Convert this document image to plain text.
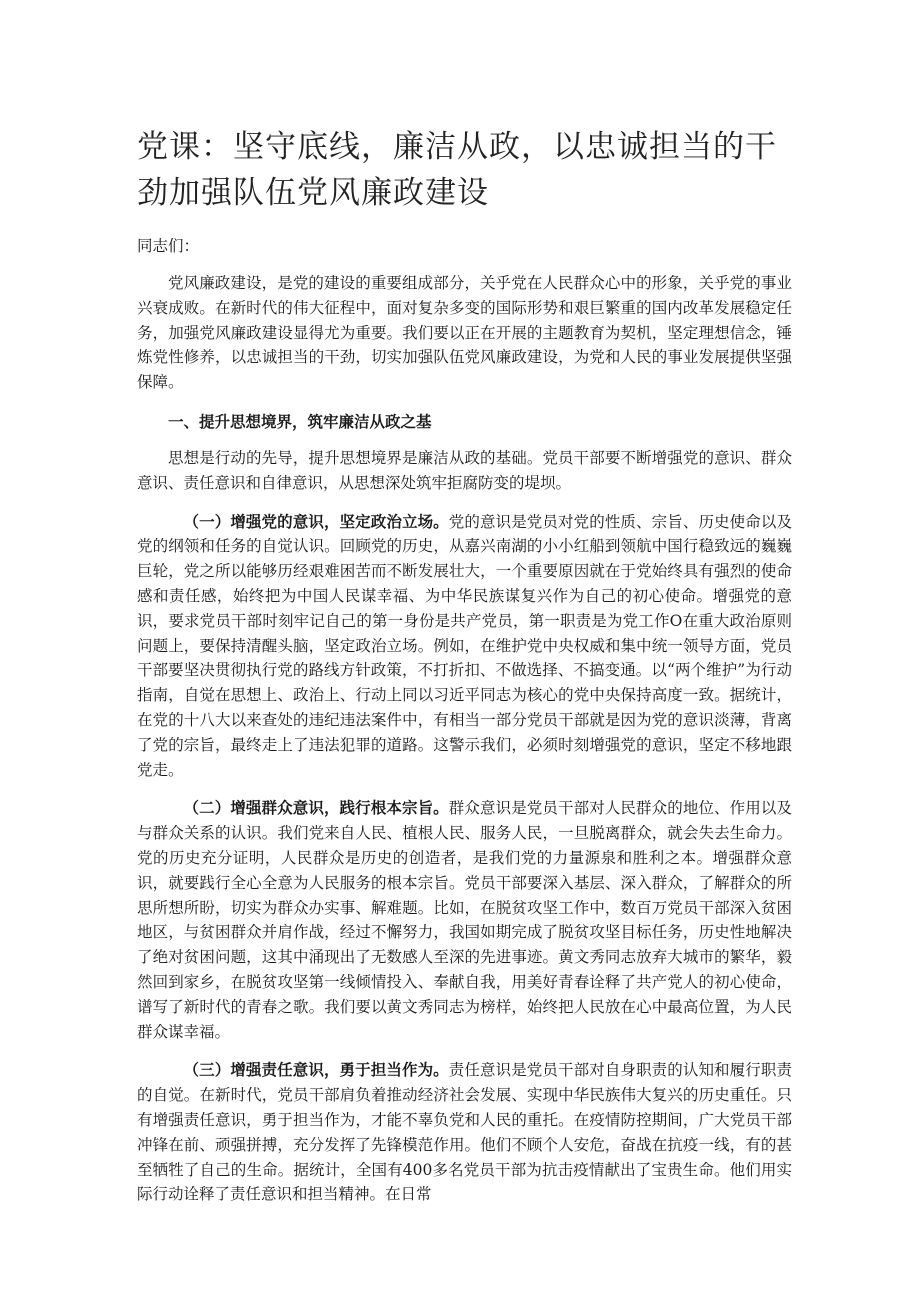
党课：坚守底线，廉洁从政，以忠诚担当的干劲加强队伍党风廉政建设
同志们：

党风廉政建设，是党的建设的重要组成部分，关乎党在人民群众心中的形象，关乎党的事业兴衰成败。在新时代的伟大征程中，面对复杂多变的国际形势和艰巨繁重的国内改革发展稳定任务，加强党风廉政建设显得尤为重要。我们要以正在开展的主题教育为契机，坚定理想信念，锤炼党性修养，以忠诚担当的干劲，切实加强队伍党风廉政建设，为党和人民的事业发展提供坚强保障。

一、提升思想境界，筑牢廉洁从政之基

思想是行动的先导，提升思想境界是廉洁从政的基础。党员干部要不断增强党的意识、群众意识、责任意识和自律意识，从思想深处筑牢拒腐防变的堤坝。

（一）增强党的意识，坚定政治立场。党的意识是党员对党的性质、宗旨、历史使命以及党的纲领和任务的自觉认识。回顾党的历史，从嘉兴南湖的小小红船到领航中国行稳致远的巍巍巨轮，党之所以能够历经艰难困苦而不断发展壮大，一个重要原因就在于党始终具有强烈的使命感和责任感，始终把为中国人民谋幸福、为中华民族谋复兴作为自己的初心使命。增强党的意识，要求党员干部时刻牢记自己的第一身份是共产党员，第一职责是为党工作O在重大政治原则问题上，要保持清醒头脑，坚定政治立场。例如，在维护党中央权威和集中统一领导方面，党员干部要坚决贯彻执行党的路线方针政策，不打折扣、不做选择、不搞变通。以“两个维护”为行动指南，自觉在思想上、政治上、行动上同以习近平同志为核心的党中央保持高度一致。据统计，在党的十八大以来查处的违纪违法案件中，有相当一部分党员干部就是因为党的意识淡薄，背离了党的宗旨，最终走上了违法犯罪的道路。这警示我们，必须时刻增强党的意识，坚定不移地跟党走。

（二）增强群众意识，践行根本宗旨。群众意识是党员干部对人民群众的地位、作用以及与群众关系的认识。我们党来自人民、植根人民、服务人民，一旦脱离群众，就会失去生命力。党的历史充分证明，人民群众是历史的创造者，是我们党的力量源泉和胜利之本。增强群众意识，就要践行全心全意为人民服务的根本宗旨。党员干部要深入基层、深入群众，了解群众的所思所想所盼，切实为群众办实事、解难题。比如，在脱贫攻坚工作中，数百万党员干部深入贫困地区，与贫困群众并肩作战，经过不懈努力，我国如期完成了脱贫攻坚目标任务，历史性地解决了绝对贫困问题，这其中涌现出了无数感人至深的先进事迹。黄文秀同志放弃大城市的繁华，毅然回到家乡，在脱贫攻坚第一线倾情投入、奉献自我，用美好青春诠释了共产党人的初心使命，谱写了新时代的青春之歌。我们要以黄文秀同志为榜样，始终把人民放在心中最高位置，为人民群众谋幸福。

（三）增强责任意识，勇于担当作为。责任意识是党员干部对自身职责的认知和履行职责的自觉。在新时代，党员干部肩负着推动经济社会发展、实现中华民族伟大复兴的历史重任。只有增强责任意识，勇于担当作为，才能不辜负党和人民的重托。在疫情防控期间，广大党员干部冲锋在前、顽强拼搏，充分发挥了先锋模范作用。他们不顾个人安危，奋战在抗疫一线，有的甚至牺牲了自己的生命。据统计，全国有400多名党员干部为抗击疫情献出了宝贵生命。他们用实际行动诠释了责任意识和担当精神。在日常
